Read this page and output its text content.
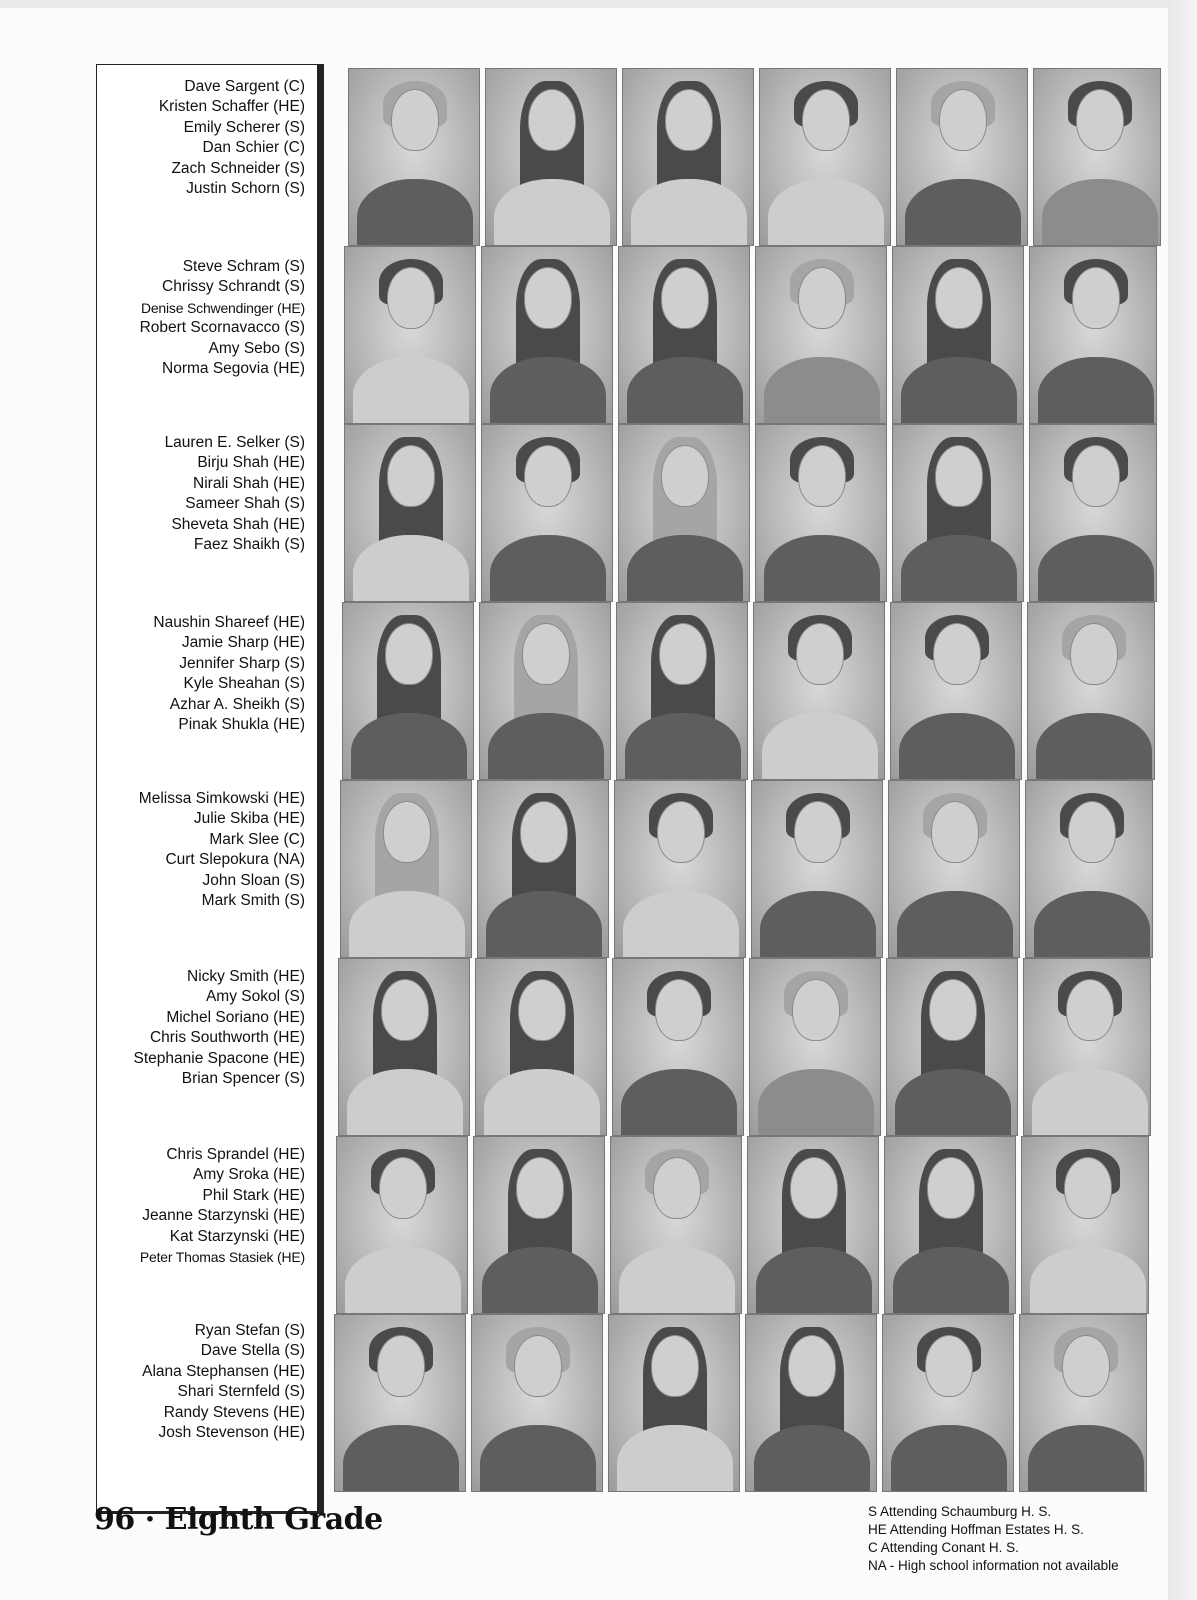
Dave Sargent (C)
Kristen Schaffer (HE)
Emily Scherer (S)
Dan Schier (C)
Zach Schneider (S)
Justin Schorn (S)
Steve Schram (S)
Chrissy Schrandt (S)
Denise Schwendinger (HE)
Robert Scornavacco (S)
Amy Sebo (S)
Norma Segovia (HE)
Lauren E. Selker (S)
Birju Shah (HE)
Nirali Shah (HE)
Sameer Shah (S)
Sheveta Shah (HE)
Faez Shaikh (S)
Naushin Shareef (HE)
Jamie Sharp (HE)
Jennifer Sharp (S)
Kyle Sheahan (S)
Azhar A. Sheikh (S)
Pinak Shukla (HE)
Melissa Simkowski (HE)
Julie Skiba (HE)
Mark Slee (C)
Curt Slepokura (NA)
John Sloan (S)
Mark Smith (S)
Nicky Smith (HE)
Amy Sokol (S)
Michel Soriano (HE)
Chris Southworth (HE)
Stephanie Spacone (HE)
Brian Spencer (S)
Chris Sprandel (HE)
Amy Sroka (HE)
Phil Stark (HE)
Jeanne Starzynski (HE)
Kat Starzynski (HE)
Peter Thomas Stasiek (HE)
Ryan Stefan (S)
Dave Stella (S)
Alana Stephansen (HE)
Shari Sternfeld (S)
Randy Stevens (HE)
Josh Stevenson (HE)
96 · Eighth Grade	S Attending Schaumburg H. S.
HE Attending Hoffman Estates H. S.
C Attending Conant H. S.
NA - High school information not available
